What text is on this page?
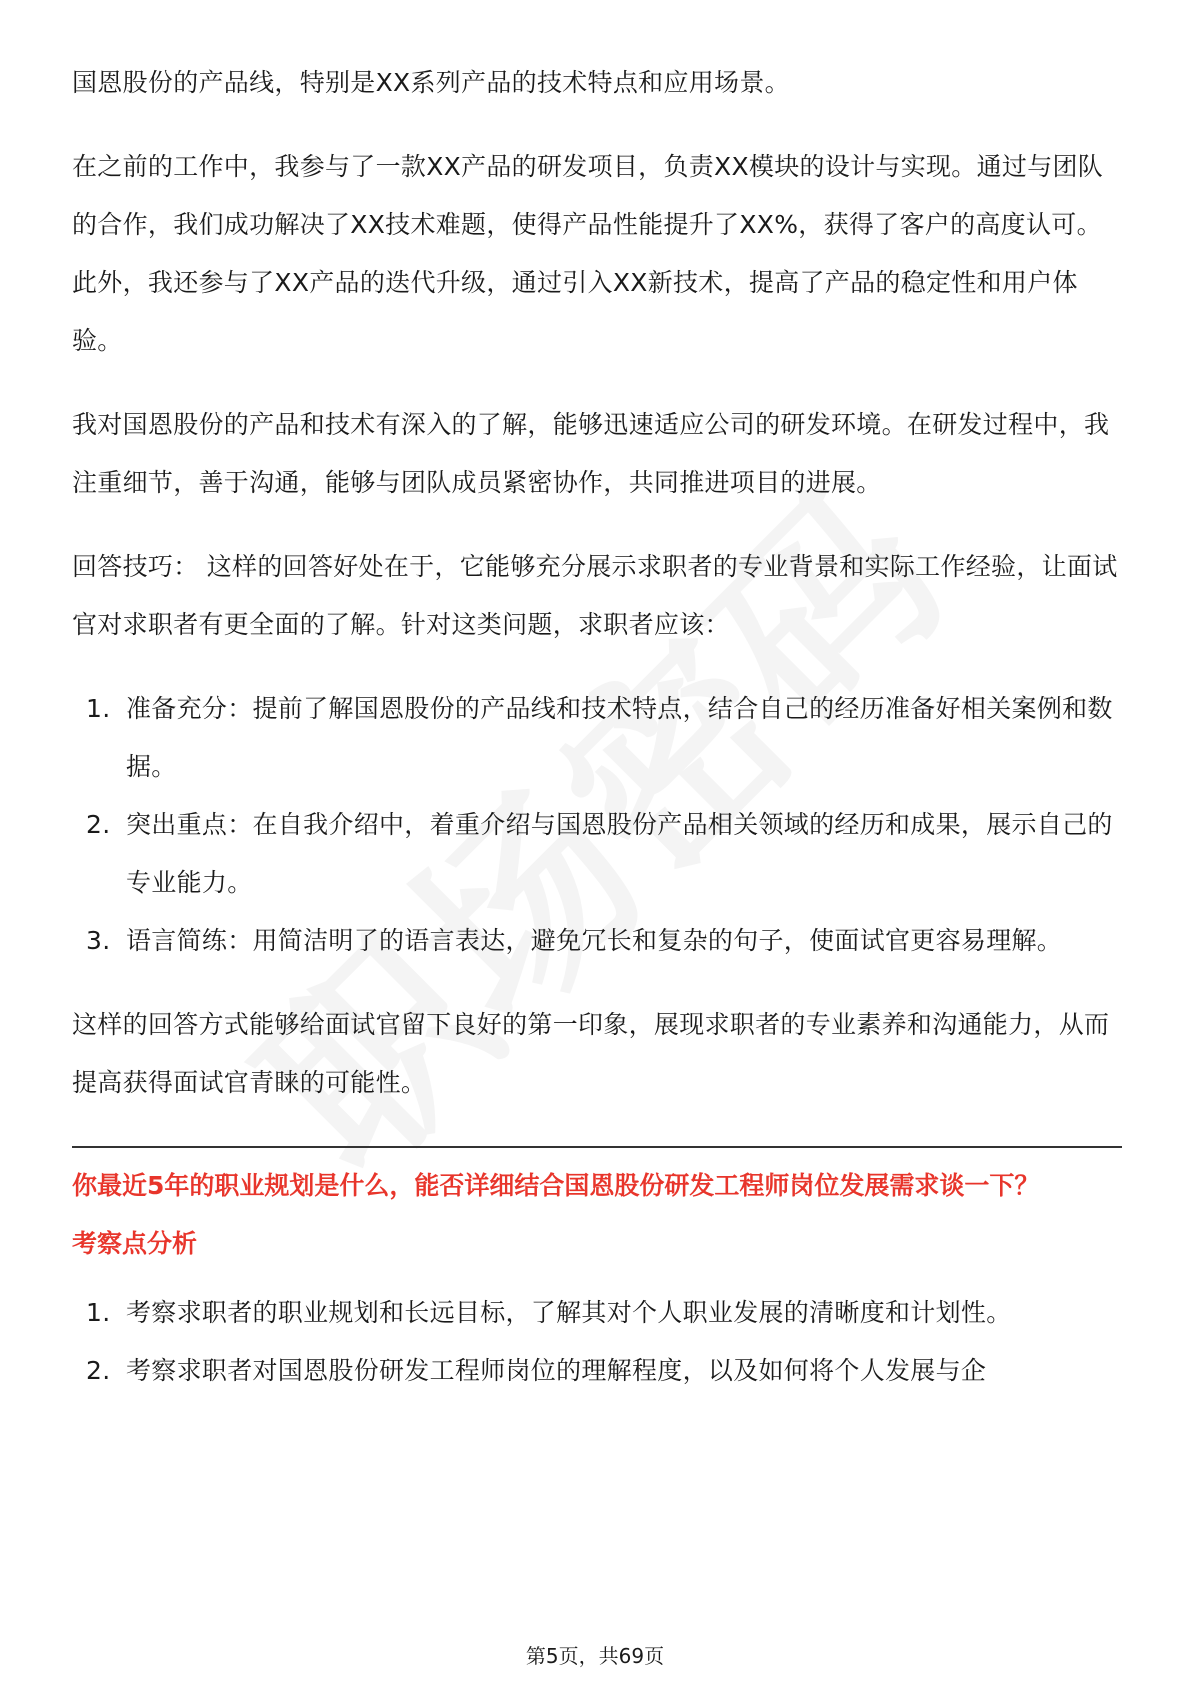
国恩股份的产品线，特别是XX系列产品的技术特点和应用场景。

在之前的工作中，我参与了一款XX产品的研发项目，负责XX模块的设计与实现。通过与团队的合作，我们成功解决了XX技术难题，使得产品性能提升了XX%，获得了客户的高度认可。此外，我还参与了XX产品的迭代升级，通过引入XX新技术，提高了产品的稳定性和用户体验。

我对国恩股份的产品和技术有深入的了解，能够迅速适应公司的研发环境。在研发过程中，我注重细节，善于沟通，能够与团队成员紧密协作，共同推进项目的进展。

回答技巧： 这样的回答好处在于，它能够充分展示求职者的专业背景和实际工作经验，让面试官对求职者有更全面的了解。针对这类问题，求职者应该：

1. 准备充分：提前了解国恩股份的产品线和技术特点，结合自己的经历准备好相关案例和数据。
2. 突出重点：在自我介绍中，着重介绍与国恩股份产品相关领域的经历和成果，展示自己的专业能力。
3. 语言简练：用简洁明了的语言表达，避免冗长和复杂的句子，使面试官更容易理解。

这样的回答方式能够给面试官留下良好的第一印象，展现求职者的专业素养和沟通能力，从而提高获得面试官青睐的可能性。

你最近5年的职业规划是什么，能否详细结合国恩股份研发工程师岗位发展需求谈一下？
考察点分析
1. 考察求职者的职业规划和长远目标，了解其对个人职业发展的清晰度和计划性。
2. 考察求职者对国恩股份研发工程师岗位的理解程度，以及如何将个人发展与企
第5页，共69页
